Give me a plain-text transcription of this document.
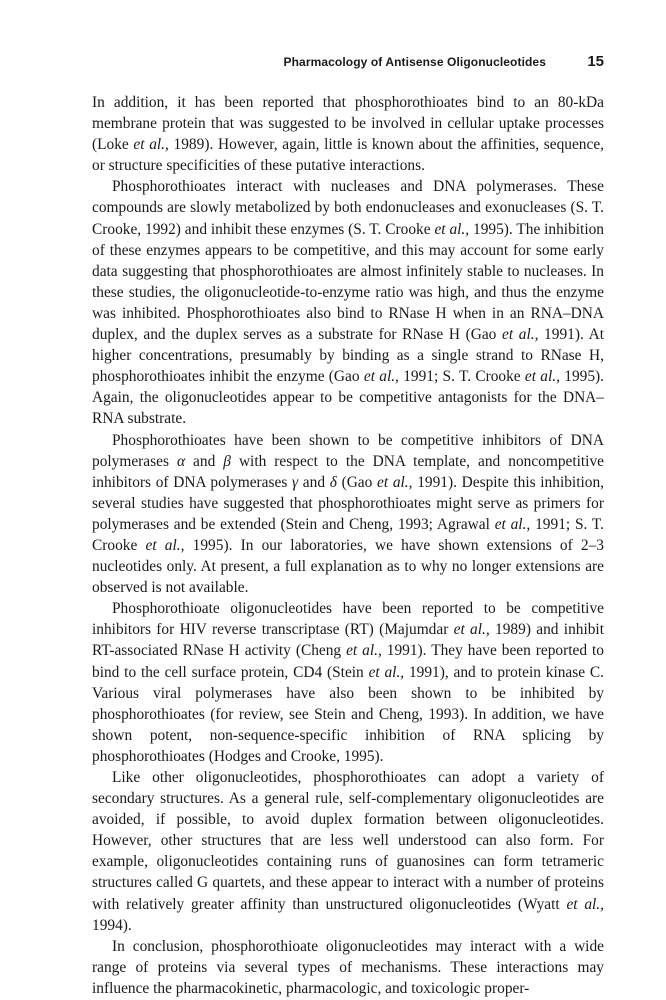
Pharmacology of Antisense Oligonucleotides	15

In addition, it has been reported that phosphorothioates bind to an 80-kDa membrane protein that was suggested to be involved in cellular uptake processes (Loke et al., 1989). However, again, little is known about the affinities, sequence, or structure specificities of these putative interactions.

Phosphorothioates interact with nucleases and DNA polymerases. These compounds are slowly metabolized by both endonucleases and exonucleases (S. T. Crooke, 1992) and inhibit these enzymes (S. T. Crooke et al., 1995). The inhibition of these enzymes appears to be competitive, and this may account for some early data suggesting that phosphorothioates are almost infinitely stable to nucleases. In these studies, the oligonucleotide-to-enzyme ratio was high, and thus the enzyme was inhibited. Phosphorothioates also bind to RNase H when in an RNA–DNA duplex, and the duplex serves as a substrate for RNase H (Gao et al., 1991). At higher concentrations, presumably by binding as a single strand to RNase H, phosphorothioates inhibit the enzyme (Gao et al., 1991; S. T. Crooke et al., 1995). Again, the oligonucleotides appear to be competitive antagonists for the DNA–RNA substrate.

Phosphorothioates have been shown to be competitive inhibitors of DNA polymerases α and β with respect to the DNA template, and noncompetitive inhibitors of DNA polymerases γ and δ (Gao et al., 1991). Despite this inhibition, several studies have suggested that phosphorothioates might serve as primers for polymerases and be extended (Stein and Cheng, 1993; Agrawal et al., 1991; S. T. Crooke et al., 1995). In our laboratories, we have shown extensions of 2–3 nucleotides only. At present, a full explanation as to why no longer extensions are observed is not available.

Phosphorothioate oligonucleotides have been reported to be competitive inhibitors for HIV reverse transcriptase (RT) (Majumdar et al., 1989) and inhibit RT-associated RNase H activity (Cheng et al., 1991). They have been reported to bind to the cell surface protein, CD4 (Stein et al., 1991), and to protein kinase C. Various viral polymerases have also been shown to be inhibited by phosphorothioates (for review, see Stein and Cheng, 1993). In addition, we have shown potent, non-sequence-specific inhibition of RNA splicing by phosphorothioates (Hodges and Crooke, 1995).

Like other oligonucleotides, phosphorothioates can adopt a variety of secondary structures. As a general rule, self-complementary oligonucleotides are avoided, if possible, to avoid duplex formation between oligonucleotides. However, other structures that are less well understood can also form. For example, oligonucleotides containing runs of guanosines can form tetrameric structures called G quartets, and these appear to interact with a number of proteins with relatively greater affinity than unstructured oligonucleotides (Wyatt et al., 1994).

In conclusion, phosphorothioate oligonucleotides may interact with a wide range of proteins via several types of mechanisms. These interactions may influence the pharmacokinetic, pharmacologic, and toxicologic proper-
